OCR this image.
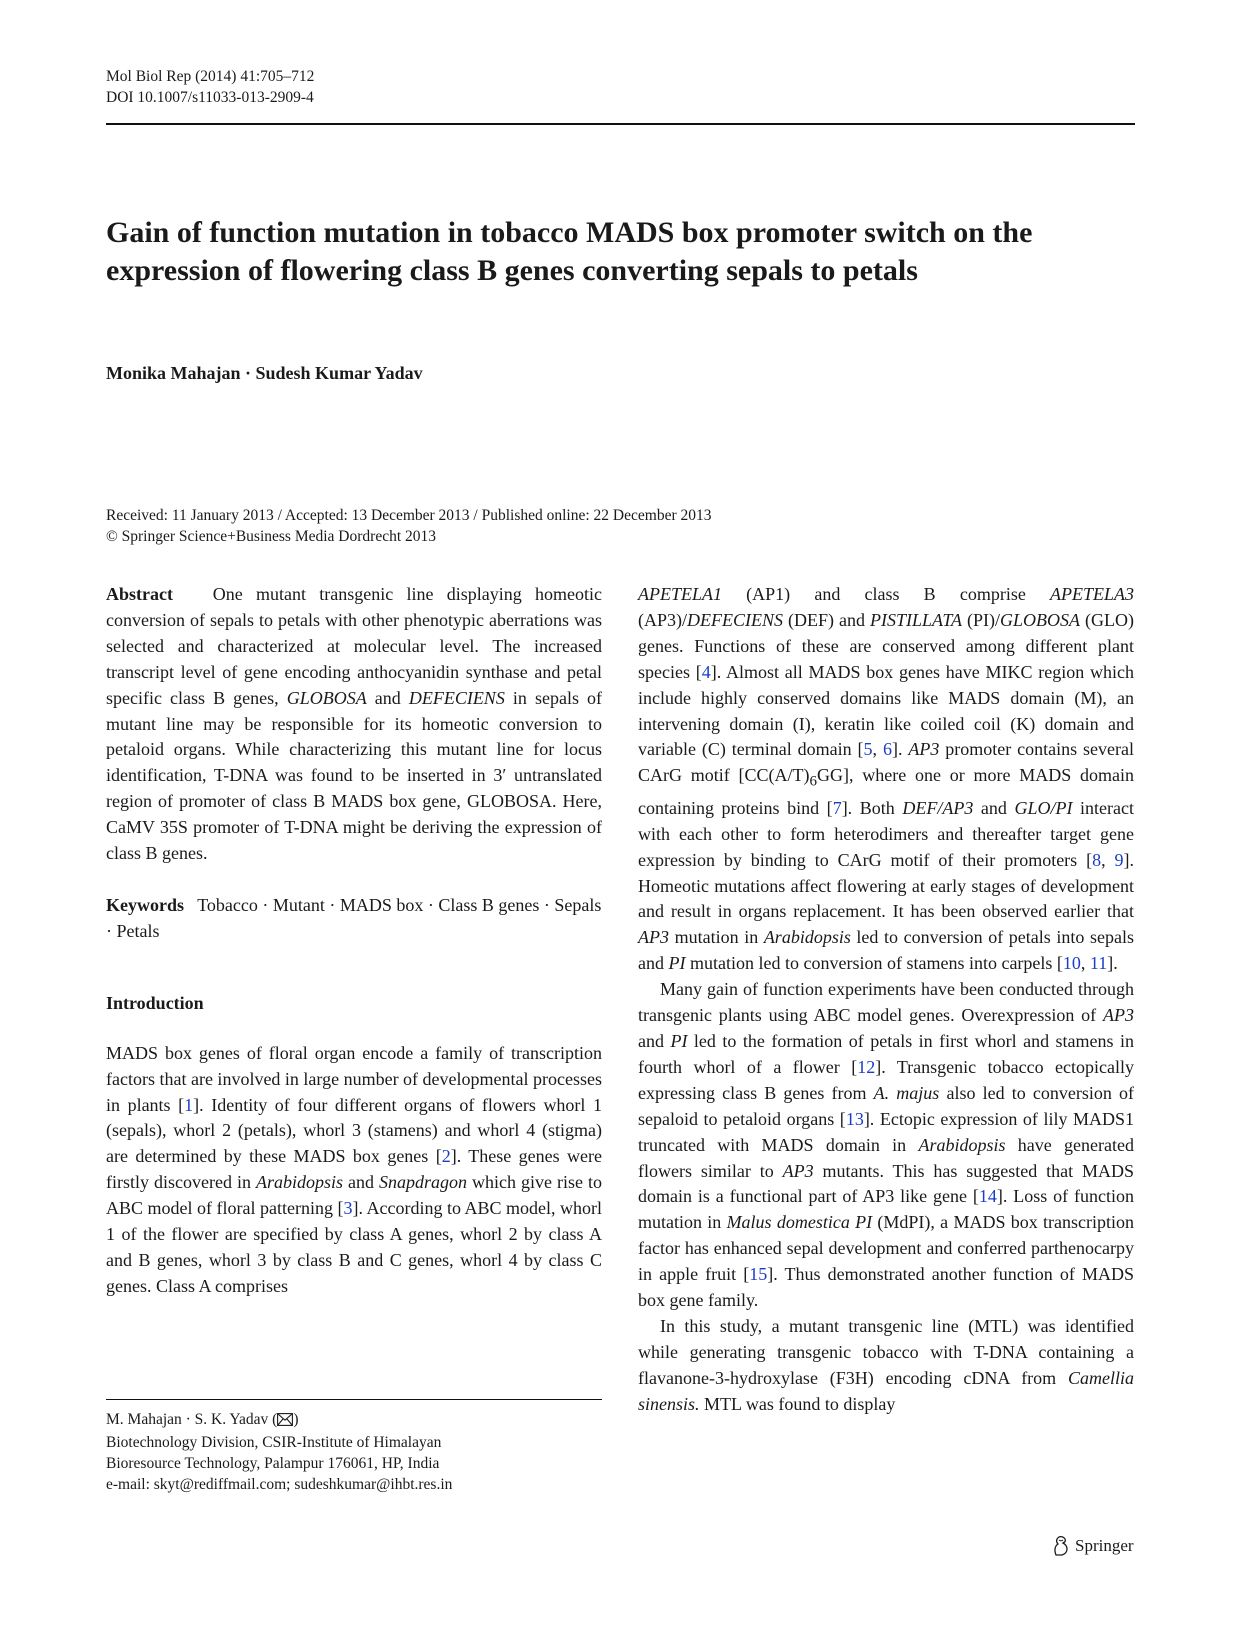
Mol Biol Rep (2014) 41:705–712
DOI 10.1007/s11033-013-2909-4
Gain of function mutation in tobacco MADS box promoter switch on the expression of flowering class B genes converting sepals to petals
Monika Mahajan · Sudesh Kumar Yadav
Received: 11 January 2013 / Accepted: 13 December 2013 / Published online: 22 December 2013
© Springer Science+Business Media Dordrecht 2013

Abstract One mutant transgenic line displaying homeotic conversion of sepals to petals with other phenotypic aberrations was selected and characterized at molecular level. The increased transcript level of gene encoding anthocyanidin synthase and petal specific class B genes, GLOBOSA and DEFECIENS in sepals of mutant line may be responsible for its homeotic conversion to petaloid organs. While characterizing this mutant line for locus identification, T-DNA was found to be inserted in 3′ untranslated region of promoter of class B MADS box gene, GLOBOSA. Here, CaMV 35S promoter of T-DNA might be deriving the expression of class B genes.

Keywords Tobacco · Mutant · MADS box · Class B genes · Sepals · Petals

Introduction

MADS box genes of floral organ encode a family of transcription factors that are involved in large number of developmental processes in plants [1]. Identity of four different organs of flowers whorl 1 (sepals), whorl 2 (petals), whorl 3 (stamens) and whorl 4 (stigma) are determined by these MADS box genes [2]. These genes were firstly discovered in Arabidopsis and Snapdragon which give rise to ABC model of floral patterning [3]. According to ABC model, whorl 1 of the flower are specified by class A genes, whorl 2 by class A and B genes, whorl 3 by class B and C genes, whorl 4 by class C genes. Class A comprises

M. Mahajan · S. K. Yadav ( )
Biotechnology Division, CSIR-Institute of Himalayan
Bioresource Technology, Palampur 176061, HP, India
e-mail: skyt@rediffmail.com; sudeshkumar@ihbt.res.in

APETELA1 (AP1) and class B comprise APETELA3 (AP3)/DEFECIENS (DEF) and PISTILLATA (PI)/GLOBOSA (GLO) genes. Functions of these are conserved among different plant species [4]. Almost all MADS box genes have MIKC region which include highly conserved domains like MADS domain (M), an intervening domain (I), keratin like coiled coil (K) domain and variable (C) terminal domain [5, 6]. AP3 promoter contains several CArG motif $[CC(A/T)_6GG]$, where one or more MADS domain containing proteins bind [7]. Both DEF/AP3 and GLO/PI interact with each other to form heterodimers and thereafter target gene expression by binding to CArG motif of their promoters [8, 9]. Homeotic mutations affect flowering at early stages of development and result in organs replacement. It has been observed earlier that AP3 mutation in Arabidopsis led to conversion of petals into sepals and PI mutation led to conversion of stamens into carpels [10, 11].

Many gain of function experiments have been conducted through transgenic plants using ABC model genes. Overexpression of AP3 and PI led to the formation of petals in first whorl and stamens in fourth whorl of a flower [12]. Transgenic tobacco ectopically expressing class B genes from A. majus also led to conversion of sepaloid to petaloid organs [13]. Ectopic expression of lily MADS1 truncated with MADS domain in Arabidopsis have generated flowers similar to AP3 mutants. This has suggested that MADS domain is a functional part of AP3 like gene [14]. Loss of function mutation in Malus domestica PI (MdPI), a MADS box transcription factor has enhanced sepal development and conferred parthenocarpy in apple fruit [15]. Thus demonstrated another function of MADS box gene family.

In this study, a mutant transgenic line (MTL) was identified while generating transgenic tobacco with T-DNA containing a flavanone-3-hydroxylase (F3H) encoding cDNA from Camellia sinensis. MTL was found to display

Springer
